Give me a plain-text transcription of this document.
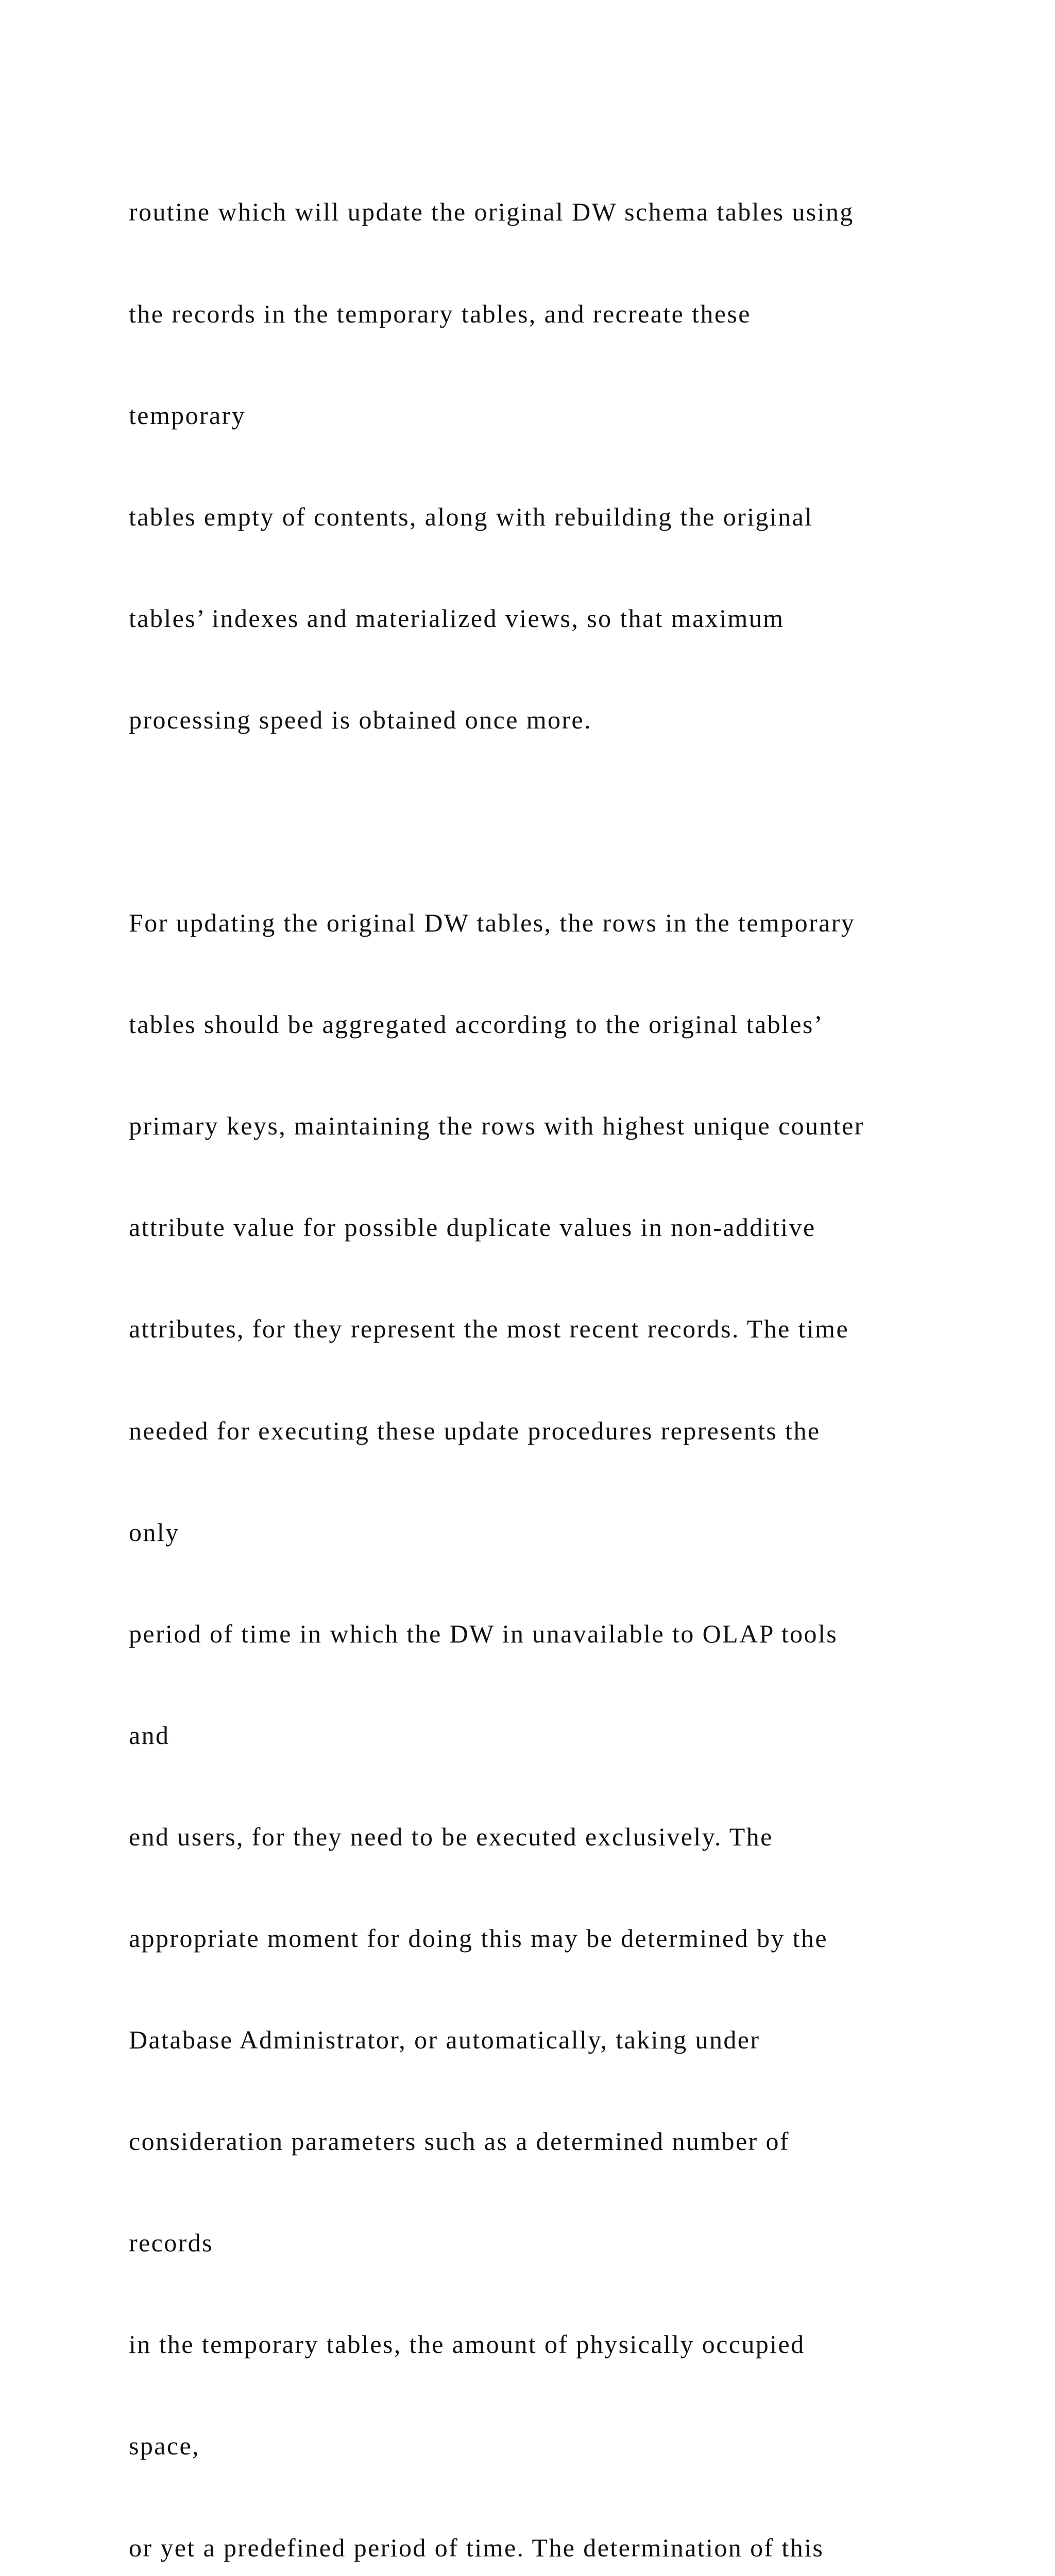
routine which will update the original DW schema tables using

the records in the temporary tables, and recreate these

temporary

tables empty of contents, along with rebuilding the original

tables’ indexes and materialized views, so that maximum

processing speed is obtained once more.

For updating the original DW tables, the rows in the temporary

tables should be aggregated according to the original tables’

primary keys, maintaining the rows with highest unique counter

attribute value for possible duplicate values in non-additive

attributes, for they represent the most recent records. The time

needed for executing these update procedures represents the

only

period of time in which the DW in unavailable to OLAP tools

and

end users, for they need to be executed exclusively. The

appropriate moment for doing this may be determined by the

Database Administrator, or automatically, taking under

consideration parameters such as a determined number of

records

in the temporary tables, the amount of physically occupied

space,

or yet a predefined period of time. The determination of this
